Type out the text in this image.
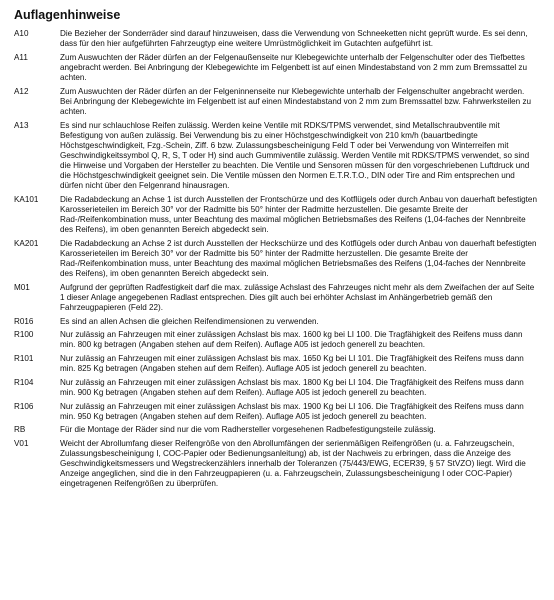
Auflagenhinweise
A10	Die Bezieher der Sonderräder sind darauf hinzuweisen, dass die Verwendung von Schneeketten nicht geprüft wurde. Es sei denn, dass für den hier aufgeführten Fahrzeugtyp eine weitere Umrüstmöglichkeit im Gutachten aufgeführt ist.
A11	Zum Auswuchten der Räder dürfen an der Felgenaußenseite nur Klebegewichte unterhalb der Felgenschulter oder des Tiefbettes angebracht werden. Bei Anbringung der Klebegewichte im Felgenbett ist auf einen Mindestabstand von 2 mm zum Bremssattel zu achten.
A12	Zum Auswuchten der Räder dürfen an der Felgeninnenseite nur Klebegewichte unterhalb der Felgenschulter angebracht werden. Bei Anbringung der Klebegewichte im Felgenbett ist auf einen Mindestabstand von 2 mm zum Bremssattel bzw. Fahrwerksteilen zu achten.
A13	Es sind nur schlauchlose Reifen zulässig. Werden keine Ventile mit RDKS/TPMS verwendet, sind Metallschraubventile mit Befestigung von außen zulässig. Bei Verwendung bis zu einer Höchstgeschwindigkeit von 210 km/h (bauartbedingte Höchstgeschwindigkeit, Fzg.-Schein, Ziff. 6 bzw. Zulassungsbescheinigung Feld T oder bei Verwendung von Winterreifen mit Geschwindigkeitssymbol Q, R, S, T oder H) sind auch Gummiventile zulässig. Werden Ventile mit RDKS/TPMS verwendet, so sind die Hinweise und Vorgaben der Hersteller zu beachten. Die Ventile und Sensoren müssen für den vorgeschriebenen Luftdruck und die Höchstgeschwindigkeit geeignet sein. Die Ventile müssen den Normen E.T.R.T.O., DIN oder Tire and Rim entsprechen und dürfen nicht über den Felgenrand hinausragen.
KA101	Die Radabdeckung an Achse 1 ist durch Ausstellen der Frontschürze und des Kotflügels oder durch Anbau von dauerhaft befestigten Karosserieteilen im Bereich 30° vor der Radmitte bis 50° hinter der Radmitte herzustellen. Die gesamte Breite der Rad-/Reifenkombination muss, unter Beachtung des maximal möglichen Betriebsmaßes des Reifens (1,04-faches der Nennbreite des Reifens), im oben genannten Bereich abgedeckt sein.
KA201	Die Radabdeckung an Achse 2 ist durch Ausstellen der Heckschürze und des Kotflügels oder durch Anbau von dauerhaft befestigten Karosserieteilen im Bereich 30° vor der Radmitte bis 50° hinter der Radmitte herzustellen. Die gesamte Breite der Rad-/Reifenkombination muss, unter Beachtung des maximal möglichen Betriebsmaßes des Reifens (1,04-faches der Nennbreite des Reifens), im oben genannten Bereich abgedeckt sein.
M01	Aufgrund der geprüften Radfestigkeit darf die max. zulässige Achslast des Fahrzeuges nicht mehr als dem Zweifachen der auf Seite 1 dieser Anlage angegebenen Radlast entsprechen. Dies gilt auch bei erhöhter Achslast im Anhängerbetrieb gemäß den Fahrzeugpapieren (Feld 22).
R016	Es sind an allen Achsen die gleichen Reifendimensionen zu verwenden.
R100	Nur zulässig an Fahrzeugen mit einer zulässigen Achslast bis max. 1600 kg bei LI 100. Die Tragfähigkeit des Reifens muss dann min. 800 kg betragen (Angaben stehen auf dem Reifen). Auflage A05 ist jedoch generell zu beachten.
R101	Nur zulässig an Fahrzeugen mit einer zulässigen Achslast bis max. 1650 Kg bei LI 101. Die Tragfähigkeit des Reifens muss dann min. 825 Kg betragen (Angaben stehen auf dem Reifen). Auflage A05 ist jedoch generell zu beachten.
R104	Nur zulässig an Fahrzeugen mit einer zulässigen Achslast bis max. 1800 Kg bei LI 104. Die Tragfähigkeit des Reifens muss dann min. 900 Kg betragen (Angaben stehen auf dem Reifen). Auflage A05 ist jedoch generell zu beachten.
R106	Nur zulässig an Fahrzeugen mit einer zulässigen Achslast bis max. 1900 Kg bei LI 106. Die Tragfähigkeit des Reifens muss dann min. 950 Kg betragen (Angaben stehen auf dem Reifen). Auflage A05 ist jedoch generell zu beachten.
RB	Für die Montage der Räder sind nur die vom Radhersteller vorgesehenen Radbefestigungsteile zulässig.
V01	Weicht der Abrollumfang dieser Reifengröße von den Abrollumfängen der serienmäßigen Reifengrößen (u. a. Fahrzeugschein, Zulassungsbescheinigung I, COC-Papier oder Bedienungsanleitung) ab, ist der Nachweis zu erbringen, dass die Anzeige des Geschwindigkeitsmessers und Wegstreckenzählers innerhalb der Toleranzen (75/443/EWG, ECER39, § 57 StVZO) liegt. Wird die Anzeige angeglichen, sind die in den Fahrzeugpapieren (u. a. Fahrzeugschein, Zulassungsbescheinigung I oder COC-Papier) eingetragenen Reifengrößen zu überprüfen.
